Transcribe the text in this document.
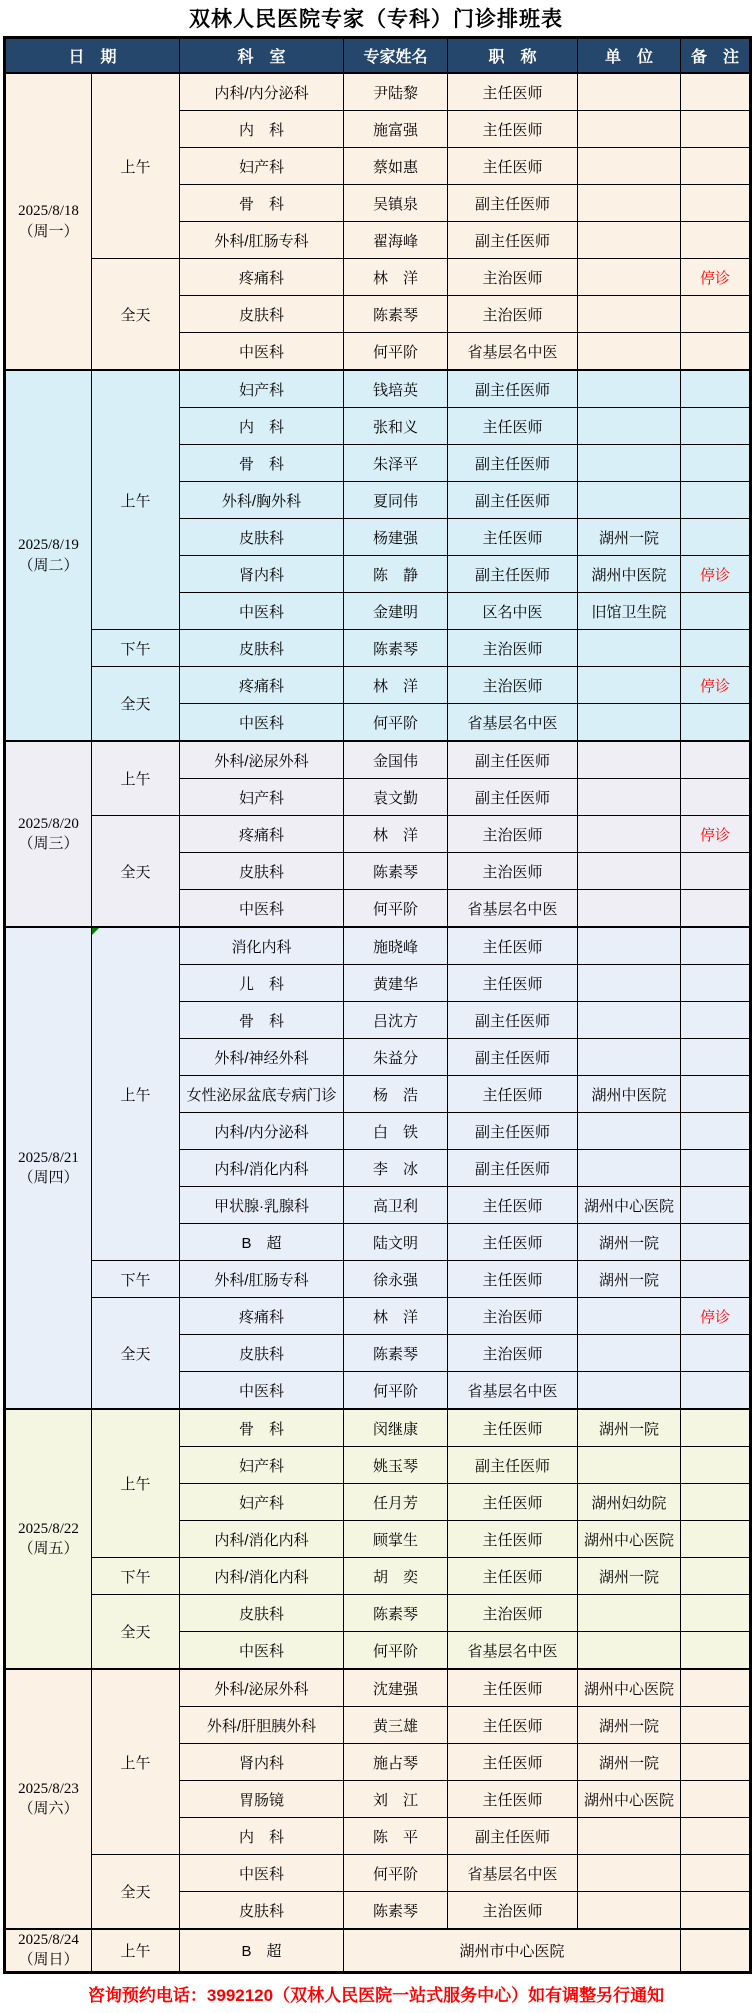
双林人民医院专家（专科）门诊排班表
日　期		科　室	专家姓名	职　称	单　位	备　注

2025/8/18
（周一）	上午	内科/内分泌科	尹陆黎	主任医师		
		内　科	施富强	主任医师		
		妇产科	蔡如惠	主任医师		
		骨　科	吴镇泉	副主任医师		
		外科/肛肠专科	翟海峰	副主任医师		
	全天	疼痛科	林　洋	主治医师		停诊
		皮肤科	陈素琴	主治医师		
		中医科	何平阶	省基层名中医		

2025/8/19
（周二）	上午	妇产科	钱培英	副主任医师		
		内　科	张和义	主任医师		
		骨　科	朱泽平	副主任医师		
		外科/胸外科	夏同伟	副主任医师		
		皮肤科	杨建强	主任医师	湖州一院	
		肾内科	陈　静	副主任医师	湖州中医院	停诊
		中医科	金建明	区名中医	旧馆卫生院	
	下午	皮肤科	陈素琴	主治医师		
	全天	疼痛科	林　洋	主治医师		停诊
		中医科	何平阶	省基层名中医		

2025/8/20
（周三）	上午	外科/泌尿外科	金国伟	副主任医师		
		妇产科	袁文勤	副主任医师		
	全天	疼痛科	林　洋	主治医师		停诊
		皮肤科	陈素琴	主治医师		
		中医科	何平阶	省基层名中医		

2025/8/21
（周四）	上午	消化内科	施晓峰	主任医师		
		儿　科	黄建华	主任医师		
		骨　科	吕沈方	副主任医师		
		外科/神经外科	朱益分	副主任医师		
		女性泌尿盆底专病门诊	杨　浩	主任医师	湖州中医院	
		内科/内分泌科	白　铁	副主任医师		
		内科/消化内科	李　冰	副主任医师		
		甲状腺·乳腺科	高卫利	主任医师	湖州中心医院	
		B　超	陆文明	主任医师	湖州一院	
	下午	外科/肛肠专科	徐永强	主任医师	湖州一院	
	全天	疼痛科	林　洋	主治医师		停诊
		皮肤科	陈素琴	主治医师		
		中医科	何平阶	省基层名中医		

2025/8/22
（周五）	上午	骨　科	闵继康	主任医师	湖州一院	
		妇产科	姚玉琴	副主任医师		
		妇产科	任月芳	主任医师	湖州妇幼院	
		内科/消化内科	顾掌生	主任医师	湖州中心医院	
	下午	内科/消化内科	胡　奕	主任医师	湖州一院	
	全天	皮肤科	陈素琴	主治医师		
		中医科	何平阶	省基层名中医		

2025/8/23
（周六）	上午	外科/泌尿外科	沈建强	主任医师	湖州中心医院	
		外科/肝胆胰外科	黄三雄	主任医师	湖州一院	
		肾内科	施占琴	主任医师	湖州一院	
		胃肠镜	刘　江	主任医师	湖州中心医院	
		内　科	陈　平	副主任医师		
	全天	中医科	何平阶	省基层名中医		
		皮肤科	陈素琴	主治医师		

2025/8/24
（周日）	上午	B　超	湖州市中心医院			
咨询预约电话：3992120（双林人民医院一站式服务中心）如有调整另行通知
